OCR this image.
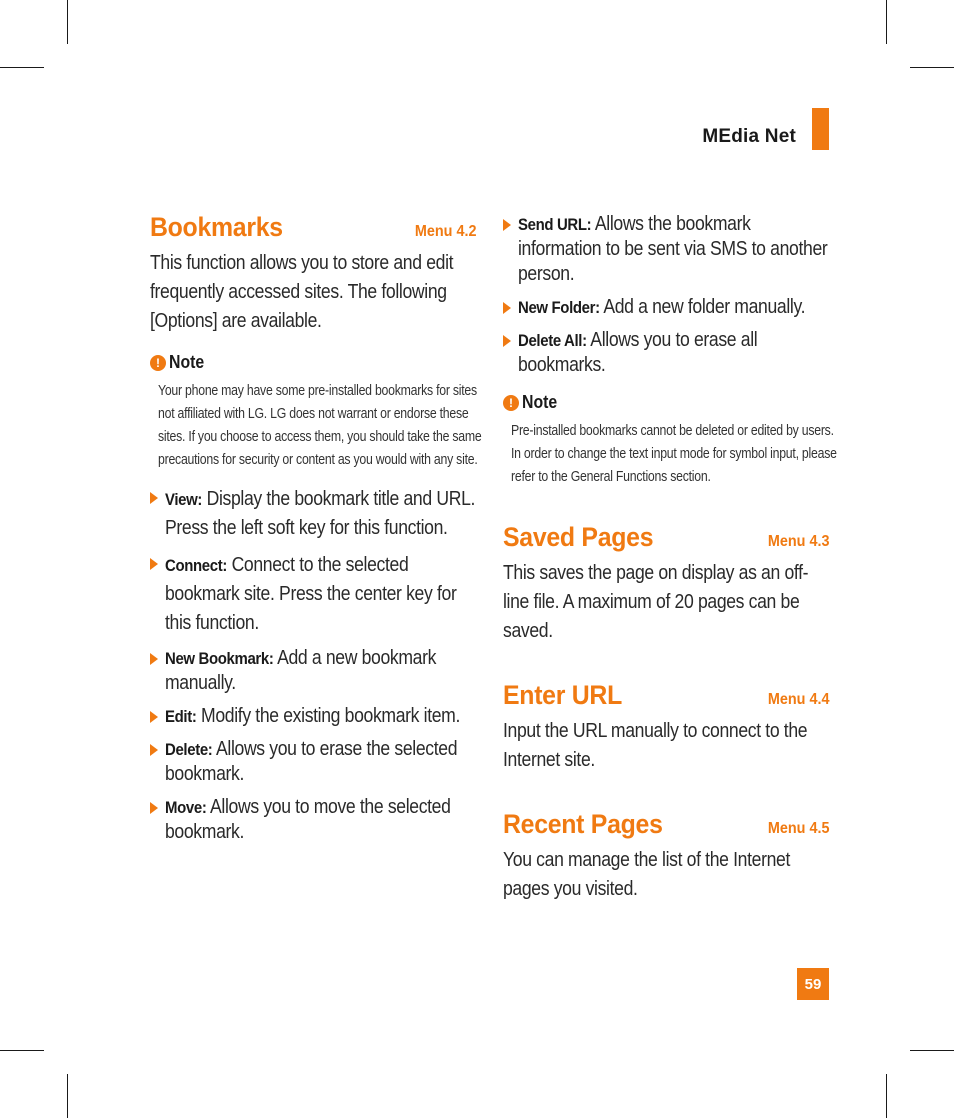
MEdia Net
Bookmarks	Menu 4.2
This function allows you to store and edit frequently accessed sites. The following [Options] are available.
! Note
Your phone may have some pre-installed bookmarks for sites not affiliated with LG. LG does not warrant or endorse these sites. If you choose to access them, you should take the same precautions for security or content as you would with any site.
View: Display the bookmark title and URL. Press the left soft key for this function.
Connect: Connect to the selected bookmark site. Press the center key for this function.
New Bookmark: Add a new bookmark manually.
Edit: Modify the existing bookmark item.
Delete: Allows you to erase the selected bookmark.
Move: Allows you to move the selected bookmark.
Send URL: Allows the bookmark information to be sent via SMS to another person.
New Folder: Add a new folder manually.
Delete All: Allows you to erase all bookmarks.
! Note
Pre-installed bookmarks cannot be deleted or edited by users.
In order to change the text input mode for symbol input, please refer to the General Functions section.
Saved Pages	Menu 4.3
This saves the page on display as an off-line file. A maximum of 20 pages can be saved.
Enter URL	Menu 4.4
Input the URL manually to connect to the Internet site.
Recent Pages	Menu 4.5
You can manage the list of the Internet pages you visited.
59
